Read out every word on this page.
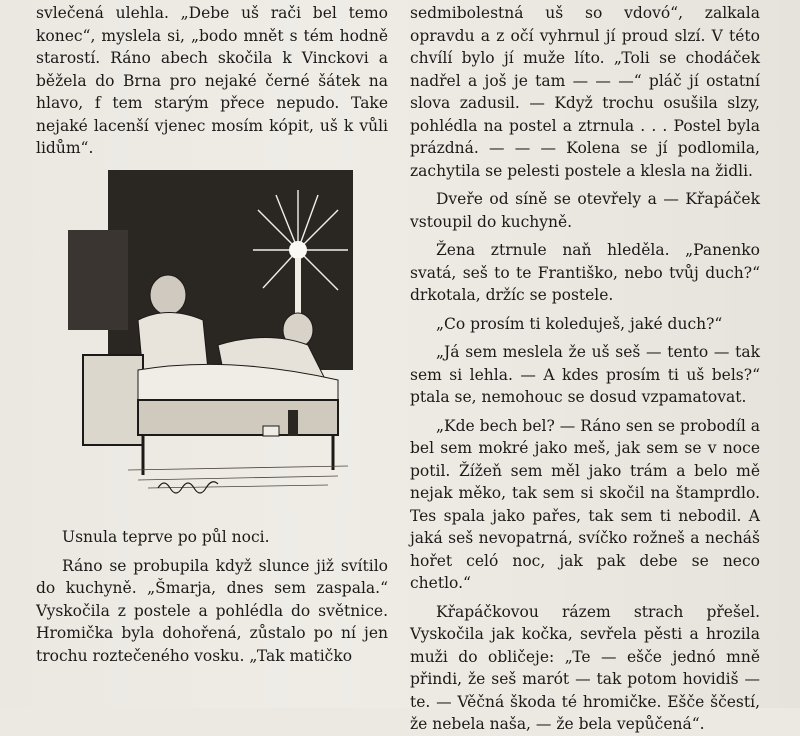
svlečená ulehla. „Debe uš rači bel temo konec“, myslela si, „bodo mnět s tém hodně starostí. Ráno abech skočila k Vinckovi a běžela do Brna pro nejaké černé šátek na hlavo, f tem starým přece nepudo. Take nejaké lacenší vjenec mosím kópit, uš k vůli lidům“.

Usnula teprve po půl noci.

Ráno se probupila když slunce již svítilo do kuchyně. „Šmarja, dnes sem zaspala.“ Vyskočila z postele a pohlédla do světnice. Hromička byla dohořená, zůstalo po ní jen trochu roztečeného vosku. „Tak matičko

sedmibolestná uš so vdovó“, zalkala opravdu a z očí vyhrnul jí proud slzí. V této chvílí bylo jí muže líto. „Toli se chodáček nadřel a još je tam — — —“ pláč jí ostatní slova zadusil. — Když trochu osušila slzy, pohlédla na postel a ztrnula . . . Postel byla prázdná. — — — Kolena se jí podlomila, zachytila se pelesti postele a klesla na židli.

Dveře od síně se otevřely a — Křapáček vstoupil do kuchyně.

Žena ztrnule naň hleděla. „Panenko svatá, seš to te Františko, nebo tvůj duch?“ drkotala, držíc se postele.

„Co prosím ti koleduješ, jaké duch?“

„Já sem meslela že uš seš — tento — tak sem si lehla. — A kdes prosím ti uš bels?“ ptala se, nemohouc se dosud vzpamatovat.

„Kde bech bel? — Ráno sen se probodíl a bel sem mokré jako meš, jak sem se v noce potil. Žížeň sem měl jako trám a belo mě nejak měko, tak sem si skočil na štamprdlo. Tes spala jako pařes, tak sem ti nebodil. A jaká seš nevopatrná, svíčko rožneš a necháš hořet celó noc, jak pak debe se neco chetlo.“

Křapáčkovou rázem strach přešel. Vyskočila jak kočka, sevřela pěsti a hrozila muži do obličeje: „Te — ešče jednó mně přindi, že seš marót — tak potom hovidiš — te. — Věčná škoda té hromičke. Ešče ščestí, že nebela naša, — že bela vepůčená“.
